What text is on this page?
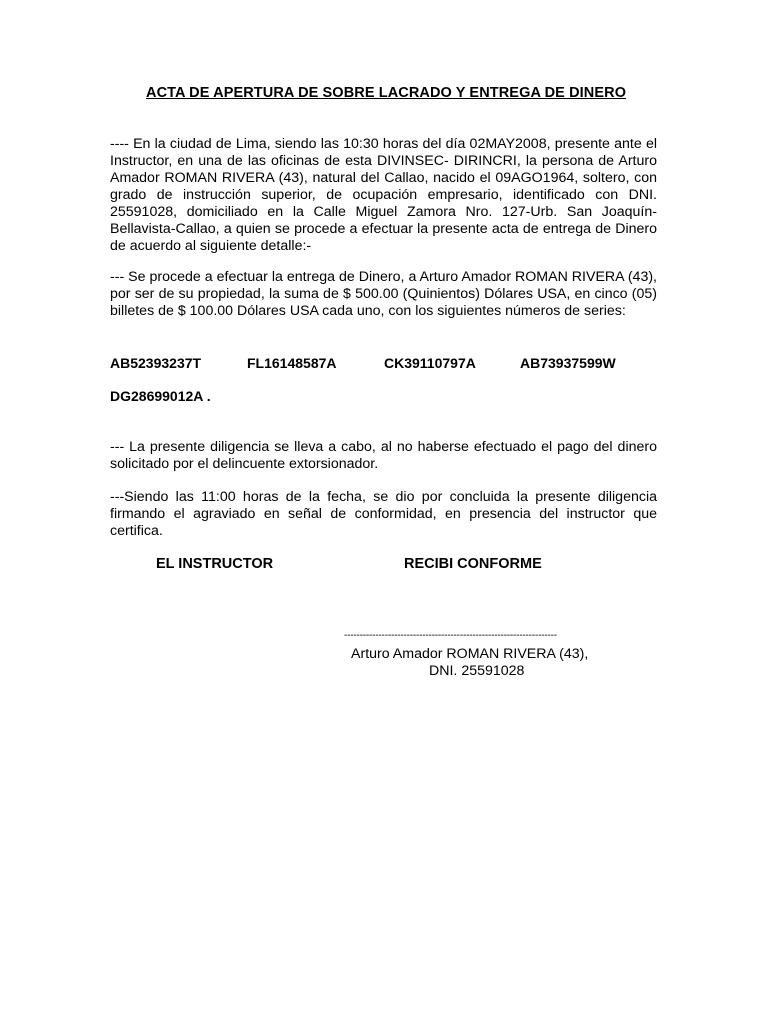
ACTA DE APERTURA DE SOBRE LACRADO Y ENTREGA DE DINERO
---- En la ciudad de Lima, siendo las 10:30 horas del día 02MAY2008, presente ante el Instructor, en una de las oficinas de esta DIVINSEC- DIRINCRI, la persona de Arturo Amador ROMAN RIVERA (43), natural del Callao, nacido el 09AGO1964, soltero, con grado de instrucción superior, de ocupación empresario, identificado con DNI. 25591028, domiciliado en la Calle Miguel Zamora Nro. 127-Urb. San Joaquín-Bellavista-Callao, a quien se procede a efectuar la presente acta de entrega de Dinero de acuerdo al siguiente detalle:-
--- Se procede a efectuar la entrega de Dinero, a Arturo Amador ROMAN RIVERA (43), por ser de su propiedad, la suma de $ 500.00 (Quinientos) Dólares USA, en cinco (05) billetes de $ 100.00 Dólares USA cada uno, con los siguientes números de series:
AB52393237T	FL16148587A	CK39110797A	AB73937599W
DG28699012A .
--- La presente diligencia se lleva a cabo, al no haberse efectuado el pago del dinero solicitado por el delincuente extorsionador.
---Siendo las 11:00 horas de la fecha, se dio por concluida la presente diligencia firmando el agraviado en señal de conformidad, en presencia del instructor que certifica.
EL INSTRUCTOR	RECIBI CONFORME
--------------------------------------------------------------------
Arturo Amador ROMAN RIVERA (43),
DNI. 25591028
